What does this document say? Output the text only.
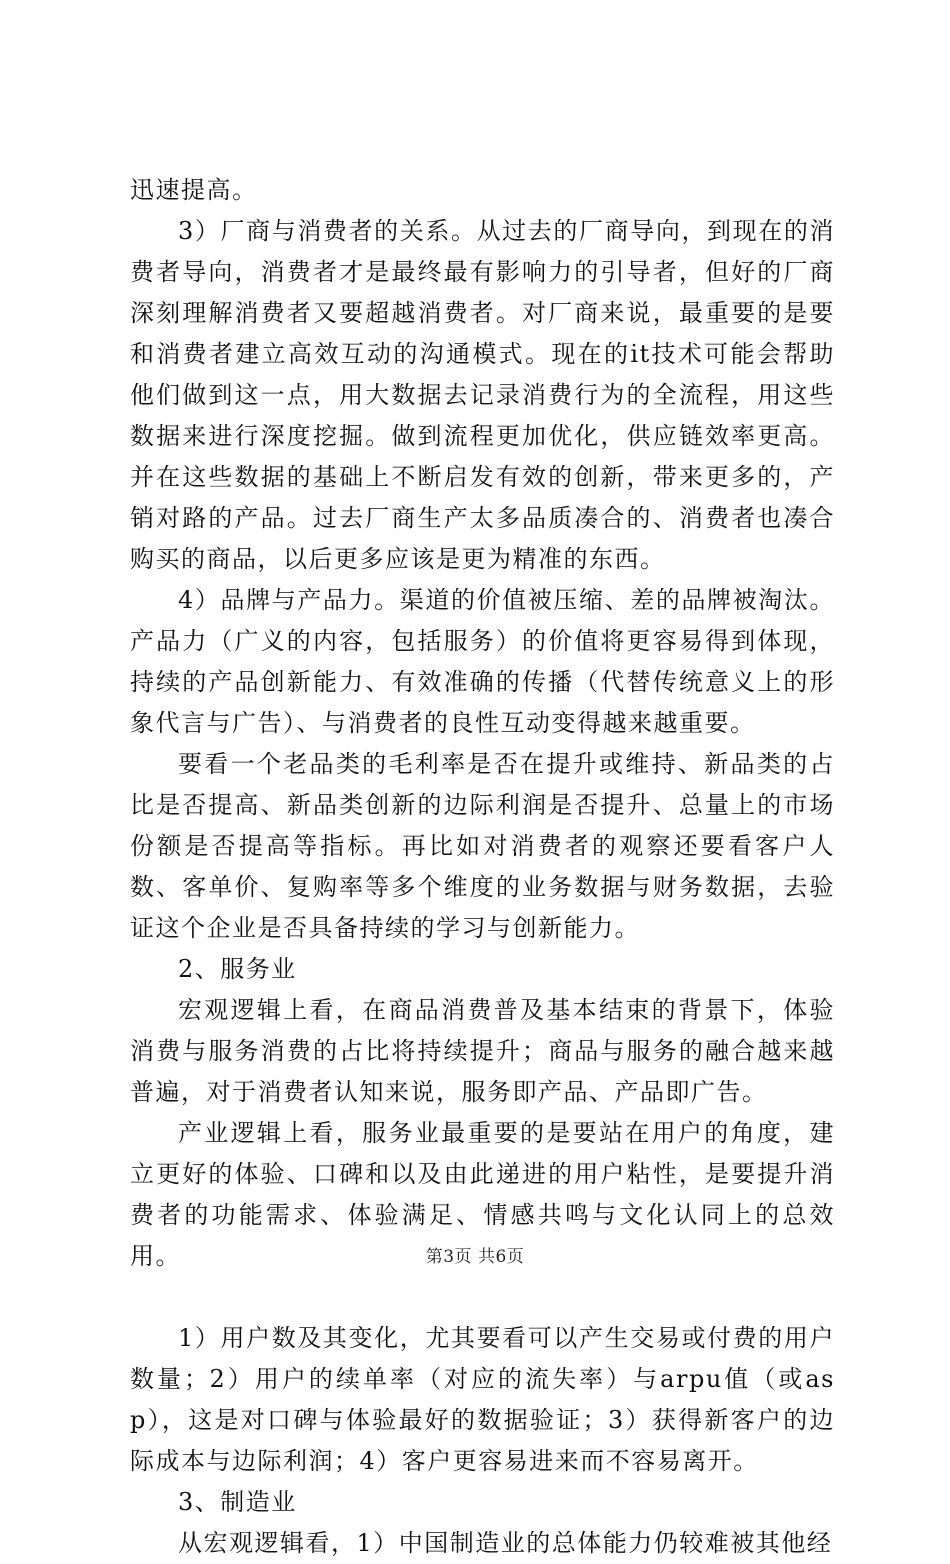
迅速提高。

3）厂商与消费者的关系。从过去的厂商导向，到现在的消费者导向，消费者才是最终最有影响力的引导者，但好的厂商深刻理解消费者又要超越消费者。对厂商来说，最重要的是要和消费者建立高效互动的沟通模式。现在的it技术可能会帮助他们做到这一点，用大数据去记录消费行为的全流程，用这些数据来进行深度挖掘。做到流程更加优化，供应链效率更高。并在这些数据的基础上不断启发有效的创新，带来更多的，产销对路的产品。过去厂商生产太多品质凑合的、消费者也凑合购买的商品，以后更多应该是更为精准的东西。

4）品牌与产品力。渠道的价值被压缩、差的品牌被淘汰。产品力（广义的内容，包括服务）的价值将更容易得到体现，持续的产品创新能力、有效准确的传播（代替传统意义上的形象代言与广告）、与消费者的良性互动变得越来越重要。

要看一个老品类的毛利率是否在提升或维持、新品类的占比是否提高、新品类创新的边际利润是否提升、总量上的市场份额是否提高等指标。再比如对消费者的观察还要看客户人数、客单价、复购率等多个维度的业务数据与财务数据，去验证这个企业是否具备持续的学习与创新能力。

2、服务业

宏观逻辑上看，在商品消费普及基本结束的背景下，体验消费与服务消费的占比将持续提升；商品与服务的融合越来越普遍，对于消费者认知来说，服务即产品、产品即广告。

产业逻辑上看，服务业最重要的是要站在用户的角度，建立更好的体验、口碑和以及由此递进的用户粘性，是要提升消费者的功能需求、体验满足、情感共鸣与文化认同上的总效用。

1）用户数及其变化，尤其要看可以产生交易或付费的用户数量；2）用户的续单率（对应的流失率）与arpu值（或asp），这是对口碑与体验最好的数据验证；3）获得新客户的边际成本与边际利润；4）客户更容易进来而不容易离开。

3、制造业

从宏观逻辑看，1）中国制造业的总体能力仍较难被其他经

第3页 共6页
